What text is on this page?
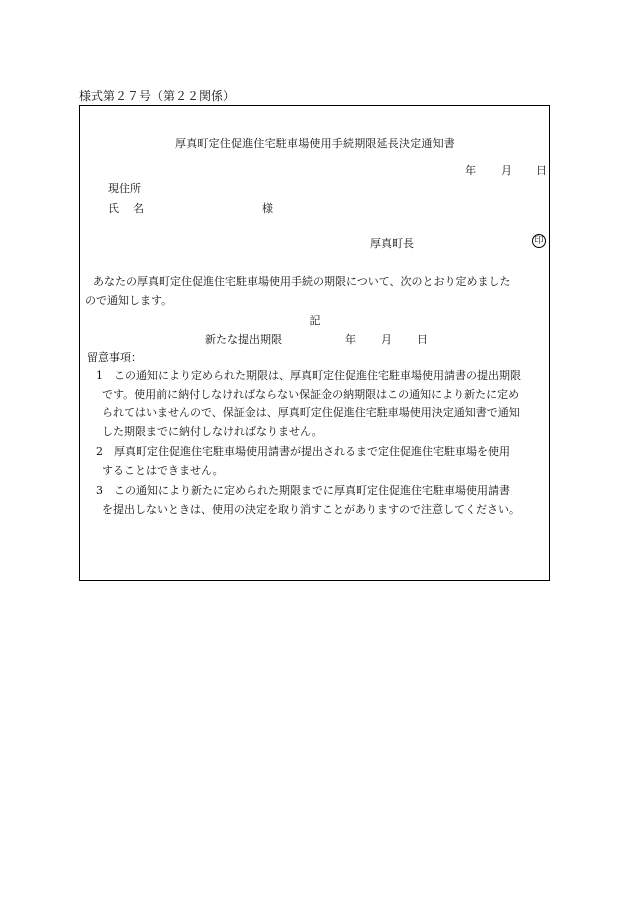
様式第２７号（第２２関係）
厚真町定住促進住宅駐車場使用手続期限延長決定通知書
年 月 日
現住所
氏名	様
厚真町長	印
あなたの厚真町定住促進住宅駐車場使用手続の期限について、次のとおり定めました
ので通知します。
記
新たな提出期限	年 月 日
留意事項：
1　この通知により定められた期限は、厚真町定住促進住宅駐車場使用請書の提出期限
です。使用前に納付しなければならない保証金の納期限はこの通知により新たに定め
られてはいませんので、保証金は、厚真町定住促進住宅駐車場使用決定通知書で通知
した期限までに納付しなければなりません。
2　厚真町定住促進住宅駐車場使用請書が提出されるまで定住促進住宅駐車場を使用
することはできません。
3　この通知により新たに定められた期限までに厚真町定住促進住宅駐車場使用請書
を提出しないときは、使用の決定を取り消すことがありますので注意してください。
